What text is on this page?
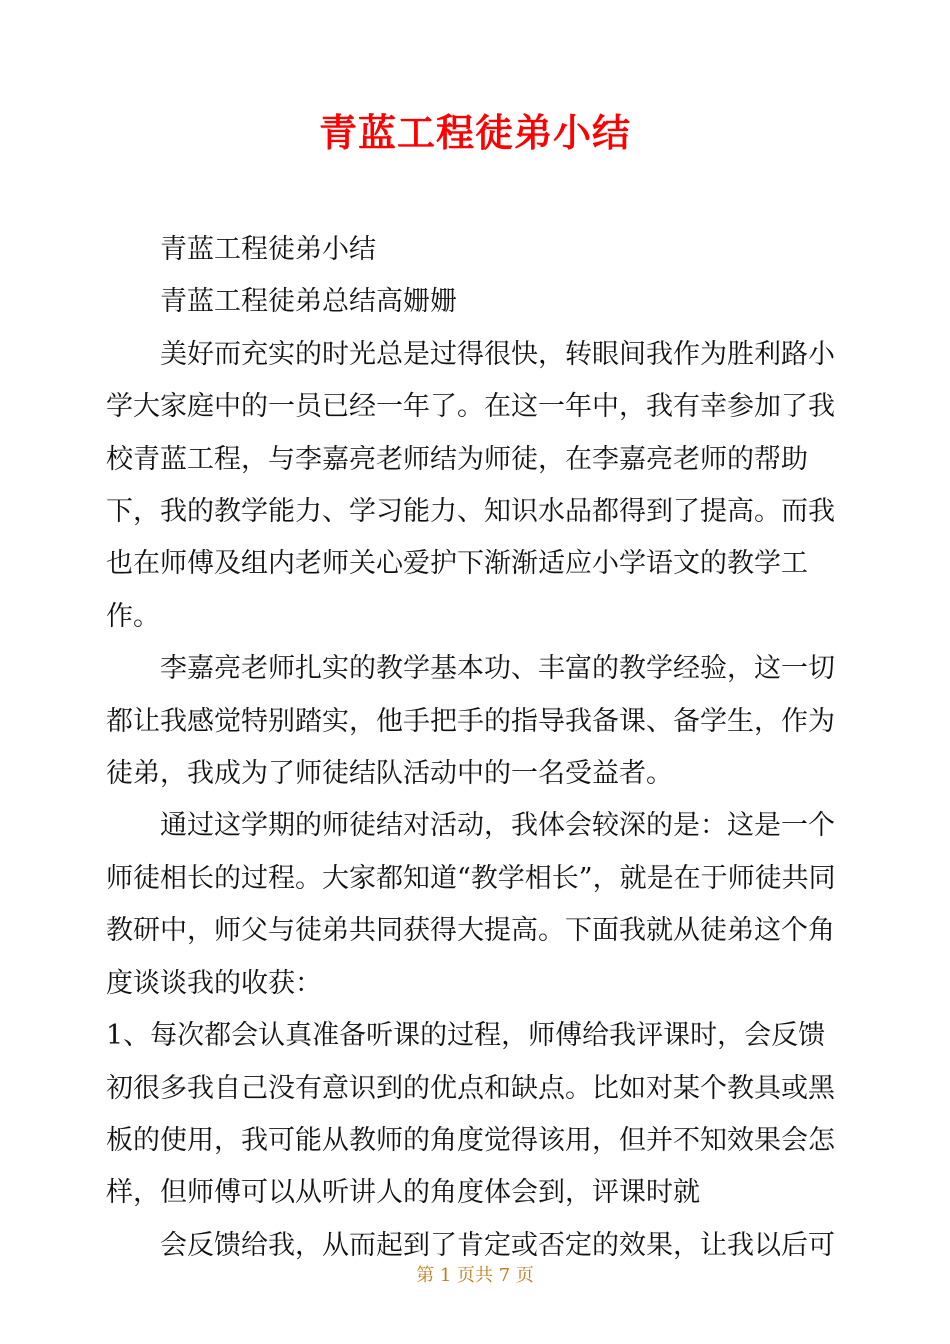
青蓝工程徒弟小结

青蓝工程徒弟小结

青蓝工程徒弟总结高姗姗

美好而充实的时光总是过得很快，转眼间我作为胜利路小学大家庭中的一员已经一年了。在这一年中，我有幸参加了我校青蓝工程，与李嘉亮老师结为师徒，在李嘉亮老师的帮助下，我的教学能力、学习能力、知识水品都得到了提高。而我也在师傅及组内老师关心爱护下渐渐适应小学语文的教学工作。

李嘉亮老师扎实的教学基本功、丰富的教学经验，这一切都让我感觉特别踏实，他手把手的指导我备课、备学生，作为徒弟，我成为了师徒结队活动中的一名受益者。

通过这学期的师徒结对活动，我体会较深的是：这是一个师徒相长的过程。大家都知道“教学相长”，就是在于师徒共同教研中，师父与徒弟共同获得大提高。下面我就从徒弟这个角度谈谈我的收获：

1、每次都会认真准备听课的过程，师傅给我评课时，会反馈初很多我自己没有意识到的优点和缺点。比如对某个教具或黑板的使用，我可能从教师的角度觉得该用，但并不知效果会怎样，但师傅可以从听讲人的角度体会到，评课时就

会反馈给我，从而起到了肯定或否定的效果，让我以后可

第 1 页共 7 页
